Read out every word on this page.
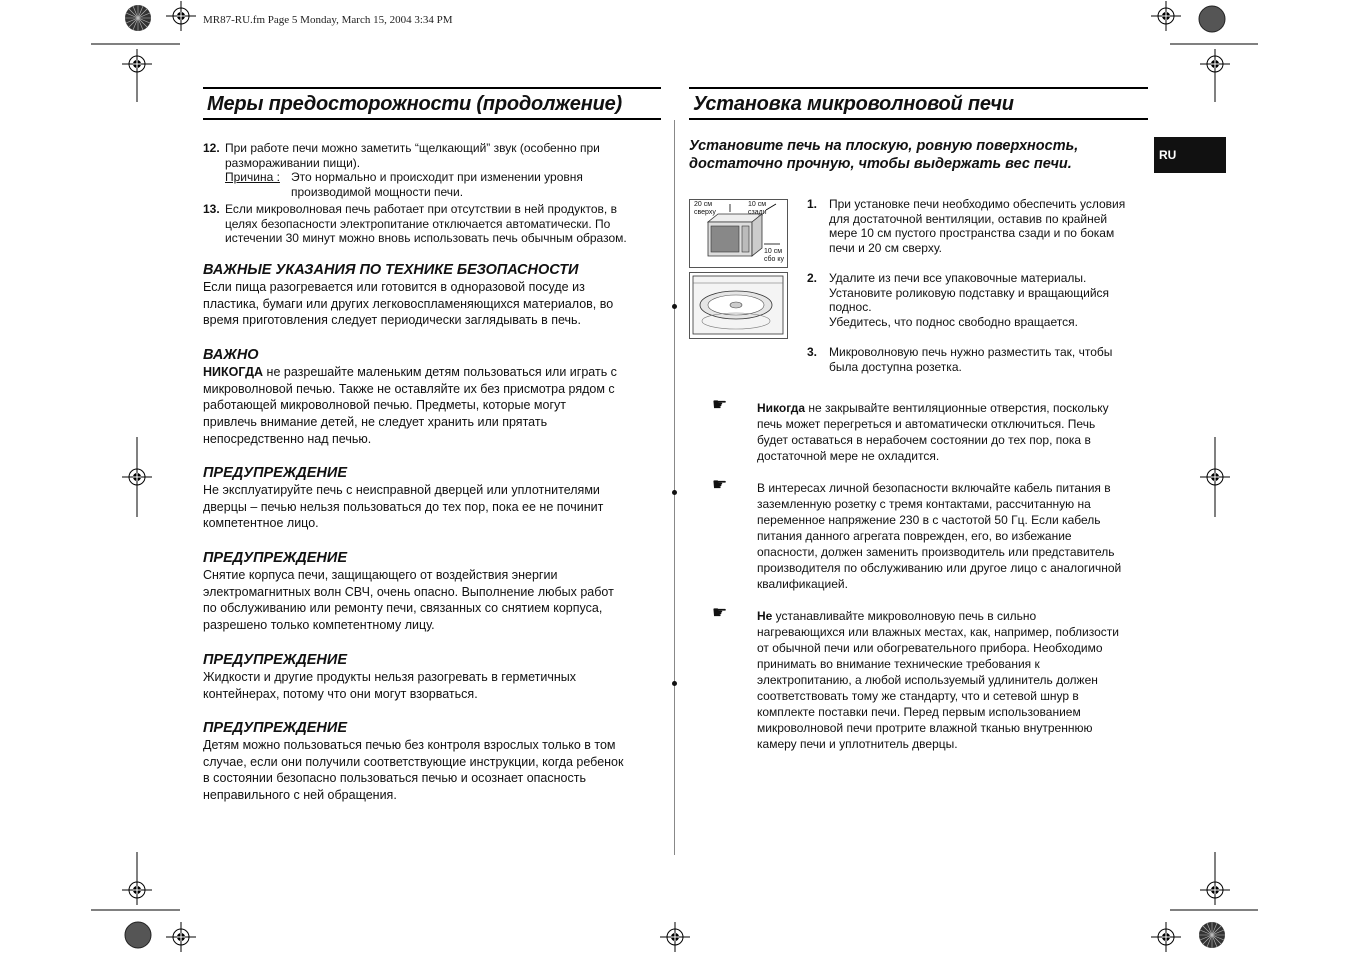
MR87-RU.fm Page 5 Monday, March 15, 2004 3:34 PM
Меры предосторожности (продолжение)
12. При работе печи можно заметить “щелкающий” звук (особенно при
размораживании пищи).
Причина : Это нормально и происходит при изменении уровня
производимой мощности печи.
13. Если микроволновая печь работает при отсутствии в ней продуктов, в
целях безопасности электропитание отключается автоматически. По
истечении 30 минут можно вновь использовать печь обычным образом.
ВАЖНЫЕ УКАЗАНИЯ ПО ТЕХНИКЕ БЕЗОПАСНОСТИ

Если пища разогревается или готовится в одноразовой посуде из

пластика, бумаги или других легковоспламеняющихся материалов, во

время приготовления следует периодически заглядывать в печь.

ВАЖНО

НИКОГДА не разрешайте маленьким детям пользоваться или играть с

микроволновой печью. Также не оставляйте их без присмотра рядом с

работающей микроволновой печью. Предметы, которые могут

привлечь внимание детей, не следует хранить или прятать

непосредственно над печью.

ПРЕДУПРЕЖДЕНИЕ

Не эксплуатируйте печь с неисправной дверцей или уплотнителями

дверцы – печью нельзя пользоваться до тех пор, пока ее не починит

компетентное лицо.

ПРЕДУПРЕЖДЕНИЕ

Снятие корпуса печи, защищающего от воздействия энергии

электромагнитных волн СВЧ, очень опасно. Выполнение любых работ

по обслуживанию или ремонту печи, связанных со снятием корпуса,

разрешено только компетентному лицу.

ПРЕДУПРЕЖДЕНИЕ

Жидкости и другие продукты нельзя разогревать в герметичных

контейнерах, потому что они могут взорваться.

ПРЕДУПРЕЖДЕНИЕ

Детям можно пользоваться печью без контроля взрослых только в том

случае, если они получили соответствующие инструкции, когда ребенок

в состоянии безопасно пользоваться печью и осознает опасность

неправильного с ней обращения.

Установка микроволновой печи
RU
Установите печь на плоскую, ровную поверхность,
достаточно прочную, чтобы выдержать вес печи.
20 см
сверху
10 см
сзади
10 см
сбо ку
1. При установке печи необходимо обеспечить условия
для достаточной вентиляции, оставив по крайней
мере 10 см пустого пространства сзади и по бокам
печи и 20 см сверху.
2. Удалите из печи все упаковочные материалы.
Установите роликовую подставку и вращающийся
поднос.
Убедитесь, что поднос свободно вращается.
3. Микроволновую печь нужно разместить так, чтобы
была доступна розетка.
☛ Никогда не закрывайте вентиляционные отверстия, поскольку
печь может перегреться и автоматически отключиться. Печь
будет оставаться в нерабочем состоянии до тех пор, пока в
достаточной мере не охладится.
☛ В интересах личной безопасности включайте кабель питания в
заземленную розетку с тремя контактами, рассчитанную на
переменное напряжение 230 в с частотой 50 Гц. Если кабель
питания данного агрегата поврежден, его, во избежание
опасности, должен заменить производитель или представитель
производителя по обслуживанию или другое лицо с аналогичной
квалификацией.
☛ Не устанавливайте микроволновую печь в сильно
нагревающихся или влажных местах, как, например, поблизости
от обычной печи или обогревательного прибора. Необходимо
принимать во внимание технические требования к
электропитанию, а любой используемый удлинитель должен
соответствовать тому же стандарту, что и сетевой шнур в
комплекте поставки печи. Перед первым использованием
микроволновой печи протрите влажной тканью внутреннюю
камеру печи и уплотнитель дверцы.
